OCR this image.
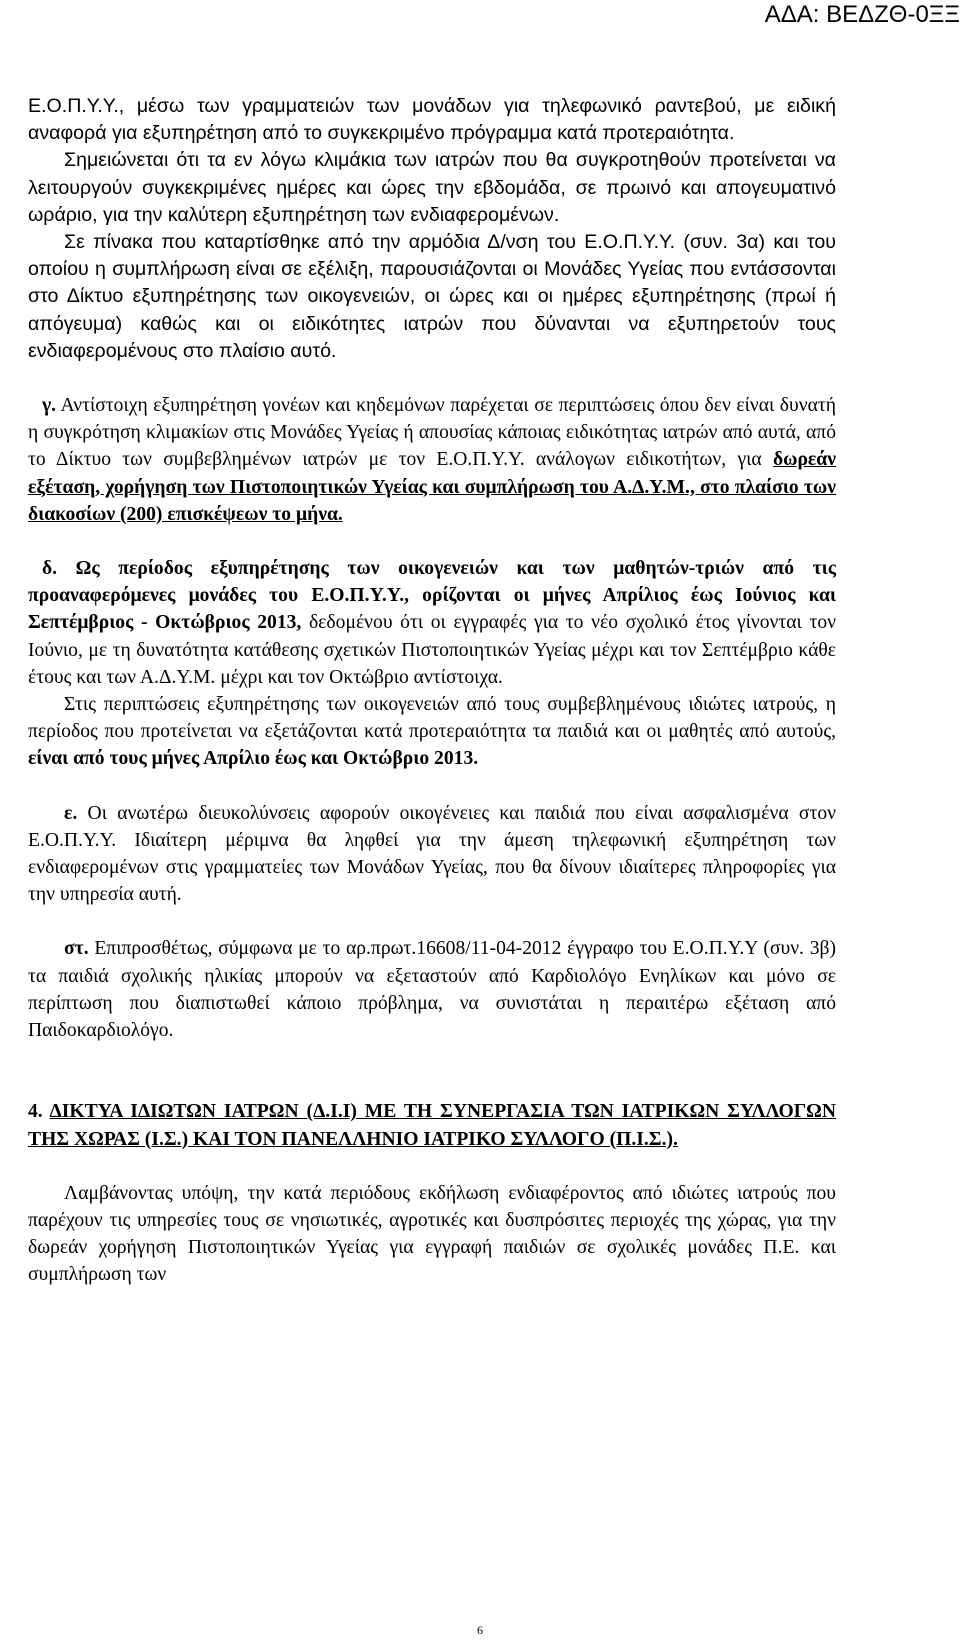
ΑΔΑ: ΒΕΔΖΘ-0ΞΞ

Ε.Ο.Π.Υ.Υ., μέσω των γραμματειών των μονάδων για τηλεφωνικό ραντεβού, με ειδική αναφορά για εξυπηρέτηση από το συγκεκριμένο πρόγραμμα κατά προτεραιότητα.

Σημειώνεται ότι τα εν λόγω κλιμάκια των ιατρών που θα συγκροτηθούν προτείνεται να λειτουργούν συγκεκριμένες ημέρες και ώρες την εβδομάδα, σε πρωινό και απογευματινό ωράριο, για την καλύτερη εξυπηρέτηση των ενδιαφερομένων.

Σε πίνακα που καταρτίσθηκε από την αρμόδια Δ/νση του Ε.Ο.Π.Υ.Υ. (συν. 3α) και του οποίου η συμπλήρωση είναι σε εξέλιξη, παρουσιάζονται οι Μονάδες Υγείας που εντάσσονται στο Δίκτυο εξυπηρέτησης των οικογενειών, οι ώρες και οι ημέρες εξυπηρέτησης (πρωί ή απόγευμα) καθώς και οι ειδικότητες ιατρών που δύνανται να εξυπηρετούν τους ενδιαφερομένους στο πλαίσιο αυτό.

γ. Αντίστοιχη εξυπηρέτηση γονέων και κηδεμόνων παρέχεται σε περιπτώσεις όπου δεν είναι δυνατή η συγκρότηση κλιμακίων στις Μονάδες Υγείας ή απουσίας κάποιας ειδικότητας ιατρών από αυτά, από το Δίκτυο των συμβεβλημένων ιατρών με τον Ε.Ο.Π.Υ.Υ. ανάλογων ειδικοτήτων, για δωρεάν εξέταση, χορήγηση των Πιστοποιητικών Υγείας και συμπλήρωση του Α.Δ.Υ.Μ., στο πλαίσιο των διακοσίων (200) επισκέψεων το μήνα.

δ. Ως περίοδος εξυπηρέτησης των οικογενειών και των μαθητών-τριών από τις προαναφερόμενες μονάδες του Ε.Ο.Π.Υ.Υ., ορίζονται οι μήνες Απρίλιος έως Ιούνιος και Σεπτέμβριος - Οκτώβριος 2013, δεδομένου ότι οι εγγραφές για το νέο σχολικό έτος γίνονται τον Ιούνιο, με τη δυνατότητα κατάθεσης σχετικών Πιστοποιητικών Υγείας μέχρι και τον Σεπτέμβριο κάθε έτους και των Α.Δ.Υ.Μ. μέχρι και τον Οκτώβριο αντίστοιχα.

Στις περιπτώσεις εξυπηρέτησης των οικογενειών από τους συμβεβλημένους ιδιώτες ιατρούς, η περίοδος που προτείνεται να εξετάζονται κατά προτεραιότητα τα παιδιά και οι μαθητές από αυτούς, είναι από τους μήνες Απρίλιο έως και Οκτώβριο 2013.

ε. Οι ανωτέρω διευκολύνσεις αφορούν οικογένειες και παιδιά που είναι ασφαλισμένα στον Ε.Ο.Π.Υ.Υ. Ιδιαίτερη μέριμνα θα ληφθεί για την άμεση τηλεφωνική εξυπηρέτηση των ενδιαφερομένων στις γραμματείες των Μονάδων Υγείας, που θα δίνουν ιδιαίτερες πληροφορίες για την υπηρεσία αυτή.

στ. Επιπροσθέτως, σύμφωνα με το αρ.πρωτ.16608/11-04-2012 έγγραφο του Ε.Ο.Π.Υ.Υ (συν. 3β) τα παιδιά σχολικής ηλικίας μπορούν να εξεταστούν από Καρδιολόγο Ενηλίκων και μόνο σε περίπτωση που διαπιστωθεί κάποιο πρόβλημα, να συνιστάται η περαιτέρω εξέταση από Παιδοκαρδιολόγο.

4. ΔΙΚΤΥΑ ΙΔΙΩΤΩΝ ΙΑΤΡΩΝ (Δ.Ι.Ι) ΜΕ ΤΗ ΣΥΝΕΡΓΑΣΙΑ ΤΩΝ ΙΑΤΡΙΚΩΝ ΣΥΛΛΟΓΩΝ ΤΗΣ ΧΩΡΑΣ (Ι.Σ.) ΚΑΙ ΤΟΝ ΠΑΝΕΛΛΗΝΙΟ ΙΑΤΡΙΚΟ ΣΥΛΛΟΓΟ (Π.Ι.Σ.).

Λαμβάνοντας υπόψη, την κατά περιόδους εκδήλωση ενδιαφέροντος από ιδιώτες ιατρούς που παρέχουν τις υπηρεσίες τους σε νησιωτικές, αγροτικές και δυσπρόσιτες περιοχές της χώρας, για την δωρεάν χορήγηση Πιστοποιητικών Υγείας για εγγραφή παιδιών σε σχολικές μονάδες Π.Ε. και συμπλήρωση των

6
